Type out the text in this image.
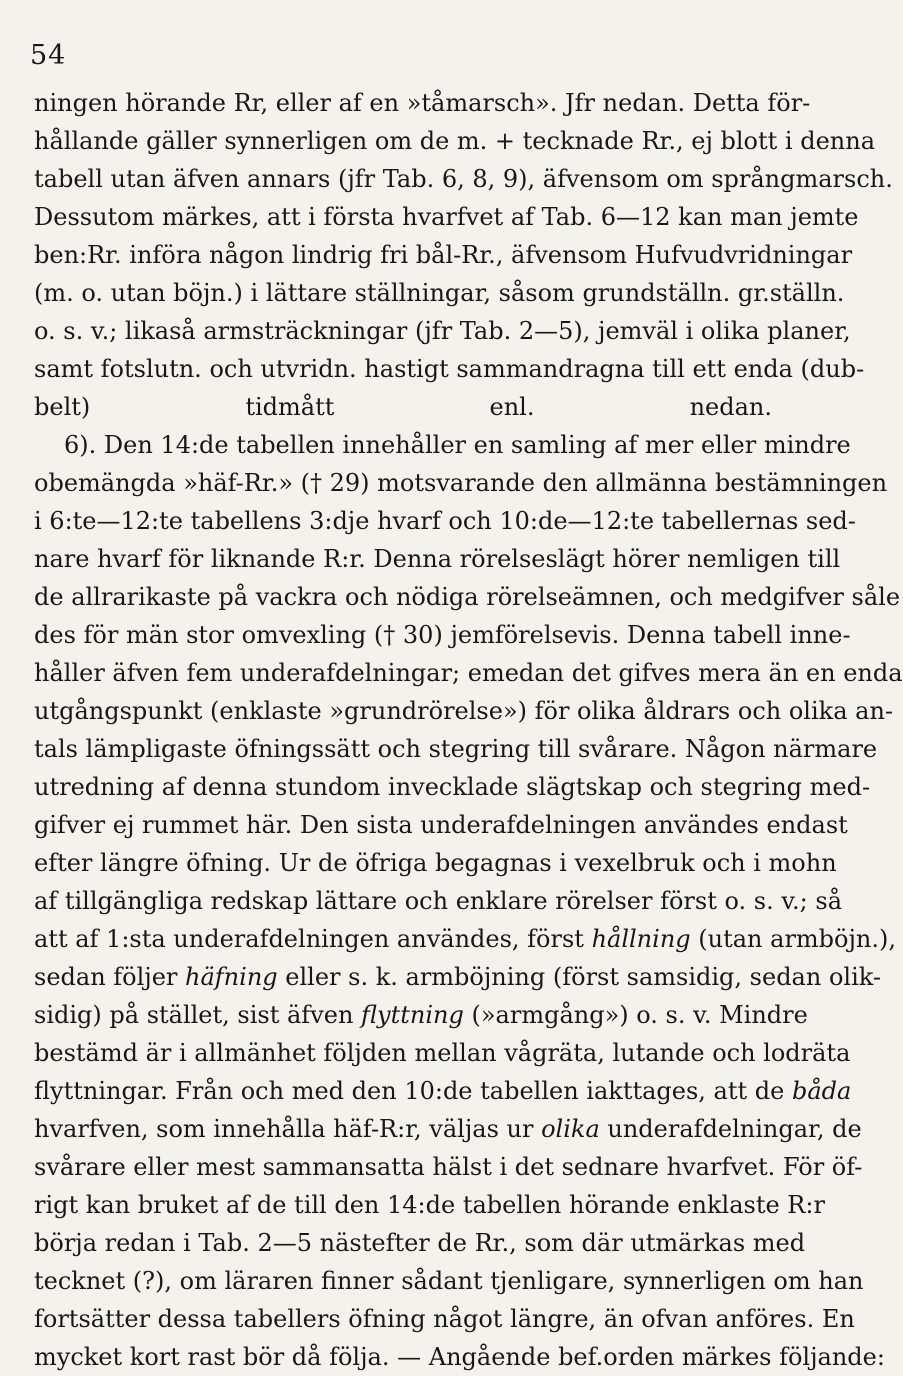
54
ningen hörande Rr, eller af en »tåmarsch». Jfr nedan. Detta för-
hållande gäller synnerligen om de m. + tecknade Rr., ej blott i denna
tabell utan äfven annars (jfr Tab. 6, 8, 9), äfvensom om språngmarsch.
Dessutom märkes, att i första hvarfvet af Tab. 6—12 kan man jemte
ben:Rr. införa någon lindrig fri bål-Rr., äfvensom Hufvudvridningar
(m. o. utan böjn.) i lättare ställningar, såsom grundställn. gr.ställn.
o. s. v.; likaså armsträckningar (jfr Tab. 2—5), jemväl i olika planer,
samt fotslutn. och utvridn. hastigt sammandragna till ett enda (dub-
belt) tidmått enl. nedan.
6). Den 14:de tabellen innehåller en samling af mer eller mindre
obemängda »häf-Rr.» († 29) motsvarande den allmänna bestämningen
i 6:te—12:te tabellens 3:dje hvarf och 10:de—12:te tabellernas sed-
nare hvarf för liknande R:r. Denna rörelseslägt hörer nemligen till
de allrarikaste på vackra och nödiga rörelseämnen, och medgifver såle
des för män stor omvexling († 30) jemförelsevis. Denna tabell inne-
håller äfven fem underafdelningar; emedan det gifves mera än en enda
utgångspunkt (enklaste »grundrörelse») för olika åldrars och olika an-
tals lämpligaste öfningssätt och stegring till svårare. Någon närmare
utredning af denna stundom invecklade slägtskap och stegring med-
gifver ej rummet här. Den sista underafdelningen användes endast
efter längre öfning. Ur de öfriga begagnas i vexelbruk och i mohn
af tillgängliga redskap lättare och enklare rörelser först o. s. v.; så
att af 1:sta underafdelningen användes, först hållning (utan armböjn.),
sedan följer häfning eller s. k. armböjning (först samsidig, sedan olik-
sidig) på stället, sist äfven flyttning (»armgång») o. s. v. Mindre
bestämd är i allmänhet följden mellan vågräta, lutande och lodräta
flyttningar. Från och med den 10:de tabellen iakttages, att de båda
hvarfven, som innehålla häf-R:r, väljas ur olika underafdelningar, de
svårare eller mest sammansatta hälst i det sednare hvarfvet. För öf-
rigt kan bruket af de till den 14:de tabellen hörande enklaste R:r
börja redan i Tab. 2—5 nästefter de Rr., som där utmärkas med
tecknet (?), om läraren finner sådant tjenligare, synnerligen om han
fortsätter dessa tabellers öfning något längre, än ofvan anföres. En
mycket kort rast bör då följa. — Angående bef.orden märkes följande:
